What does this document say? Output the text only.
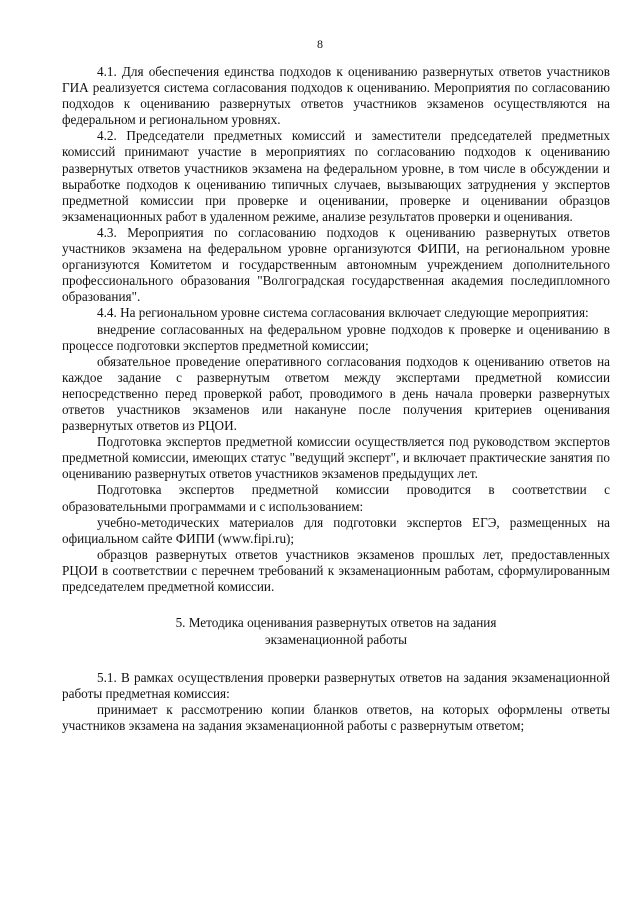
8

4.1. Для обеспечения единства подходов к оцениванию развернутых ответов участников ГИА реализуется система согласования подходов к оцениванию. Мероприятия по согласованию подходов к оцениванию развернутых ответов участников экзаменов осуществляются на федеральном и региональном уровнях.

4.2. Председатели предметных комиссий и заместители председателей предметных комиссий принимают участие в мероприятиях по согласованию подходов к оцениванию развернутых ответов участников экзамена на федеральном уровне, в том числе в обсуждении и выработке подходов к оцениванию типичных случаев, вызывающих затруднения у экспертов предметной комиссии при проверке и оценивании, проверке и оценивании образцов экзаменационных работ в удаленном режиме, анализе результатов проверки и оценивания.

4.3. Мероприятия по согласованию подходов к оцениванию развернутых ответов участников экзамена на федеральном уровне организуются ФИПИ, на региональном уровне организуются Комитетом и государственным автономным учреждением дополнительного профессионального образования "Волгоградская государственная академия последипломного образования".

4.4. На региональном уровне система согласования включает следующие мероприятия:

внедрение согласованных на федеральном уровне подходов к проверке и оцениванию в процессе подготовки экспертов предметной комиссии;

обязательное проведение оперативного согласования подходов к оцениванию ответов на каждое задание с развернутым ответом между экспертами предметной комиссии непосредственно перед проверкой работ, проводимого в день начала проверки развернутых ответов участников экзаменов или накануне после получения критериев оценивания развернутых ответов из РЦОИ.

Подготовка экспертов предметной комиссии осуществляется под руководством экспертов предметной комиссии, имеющих статус "ведущий эксперт", и включает практические занятия по оцениванию развернутых ответов участников экзаменов предыдущих лет.

Подготовка экспертов предметной комиссии проводится в соответствии с образовательными программами и с использованием:

учебно-методических материалов для подготовки экспертов ЕГЭ, размещенных на официальном сайте ФИПИ (www.fipi.ru);

образцов развернутых ответов участников экзаменов прошлых лет, предоставленных РЦОИ в соответствии с перечнем требований к экзаменационным работам, сформулированным председателем предметной комиссии.

5. Методика оценивания развернутых ответов на задания
экзаменационной работы

5.1. В рамках осуществления проверки развернутых ответов на задания экзаменационной работы предметная комиссия:

принимает к рассмотрению копии бланков ответов, на которых оформлены ответы участников экзамена на задания экзаменационной работы с развернутым ответом;
